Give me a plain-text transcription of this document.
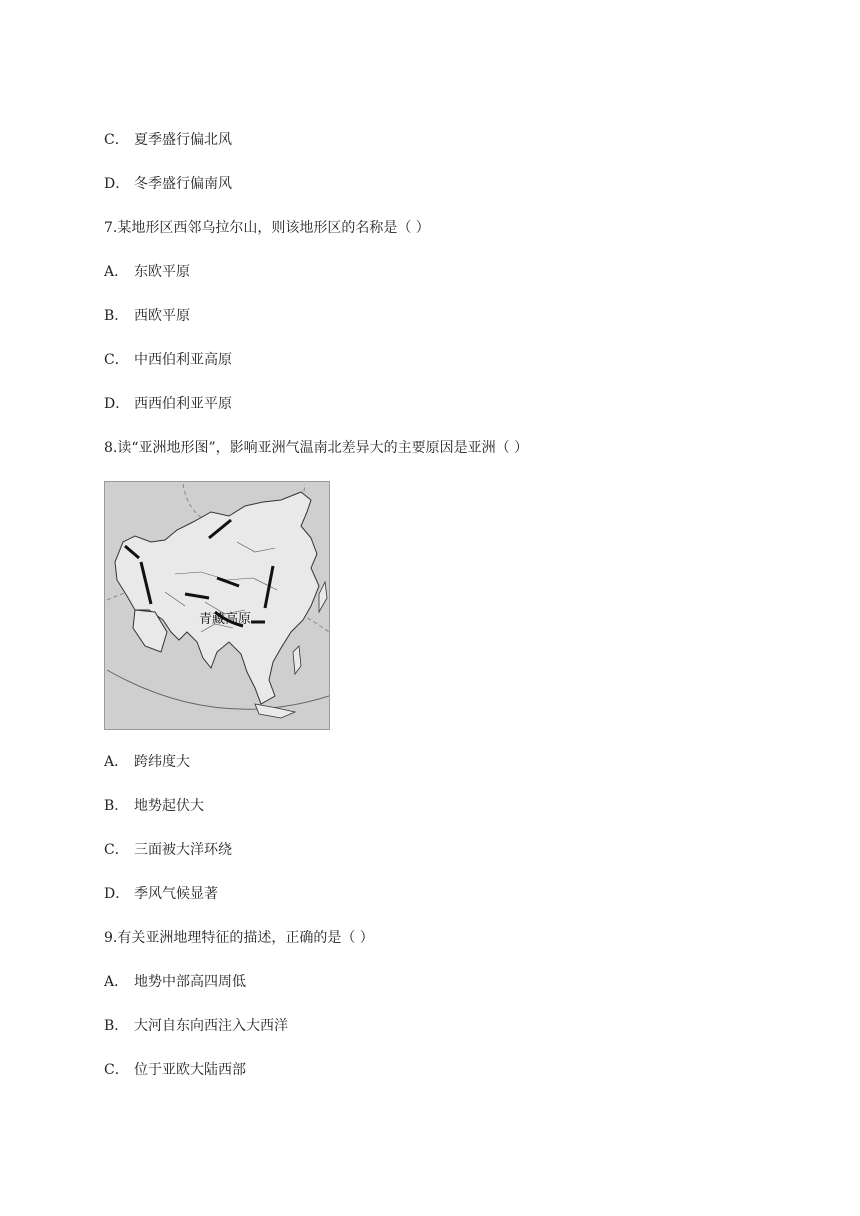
C． 夏季盛行偏北风
D． 冬季盛行偏南风
7.某地形区西邻乌拉尔山，则该地形区的名称是（ ）
A． 东欧平原
B． 西欧平原
C． 中西伯利亚高原
D． 西西伯利亚平原
8.读“亚洲地形图”，影响亚洲气温南北差异大的主要原因是亚洲（ ）
青藏高原
A． 跨纬度大
B． 地势起伏大
C． 三面被大洋环绕
D． 季风气候显著
9.有关亚洲地理特征的描述，正确的是（ ）
A． 地势中部高四周低
B． 大河自东向西注入大西洋
C． 位于亚欧大陆西部
